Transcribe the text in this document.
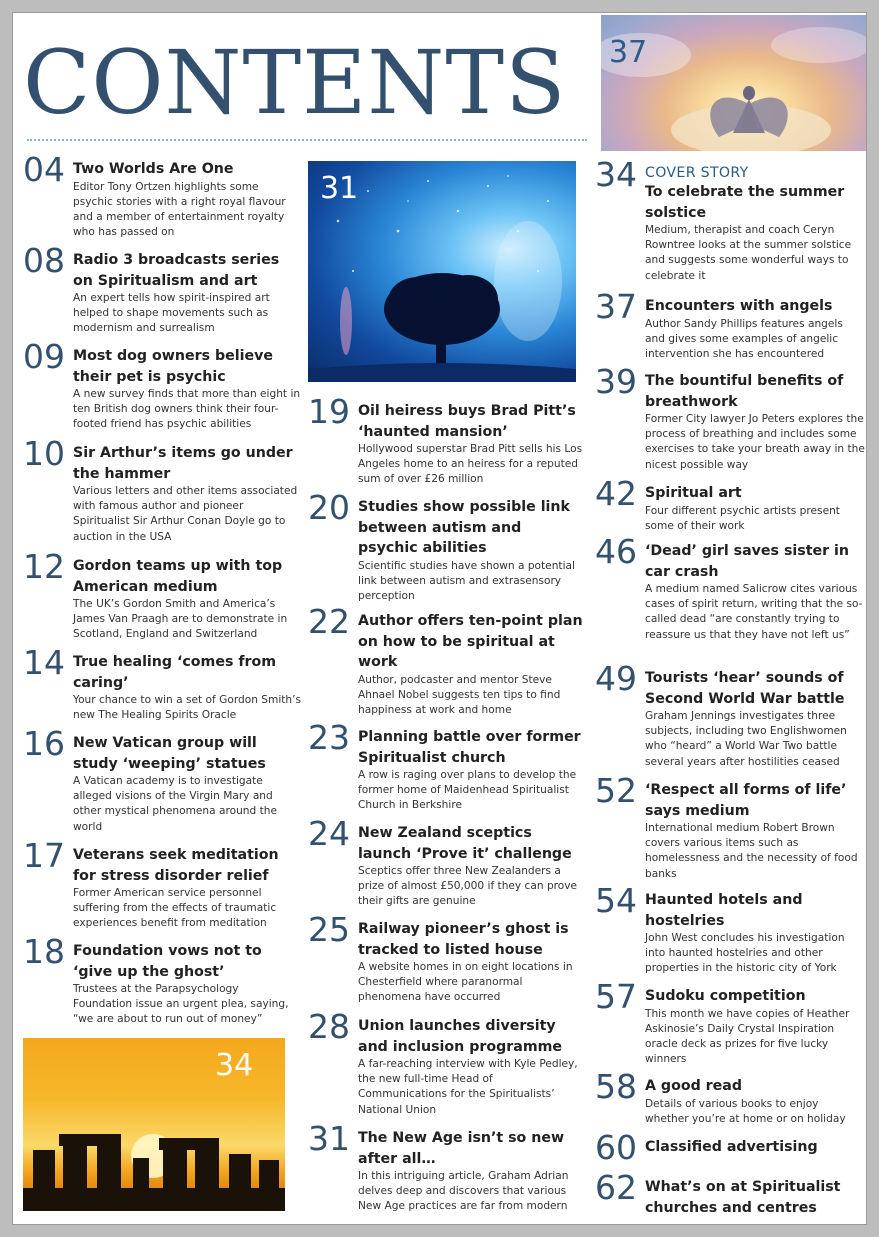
CONTENTS 37
31
34
04 Two Worlds Are One
Editor Tony Ortzen highlights some psychic stories with a right royal flavour and a member of entertainment royalty who has passed on
08 Radio 3 broadcasts series on Spiritualism and art
An expert tells how spirit-inspired art helped to shape movements such as modernism and surrealism
09 Most dog owners believe their pet is psychic
A new survey finds that more than eight in ten British dog owners think their four-footed friend has psychic abilities
10 Sir Arthur’s items go under the hammer
Various letters and other items associated with famous author and pioneer Spiritualist Sir Arthur Conan Doyle go to auction in the USA
12 Gordon teams up with top American medium
The UK’s Gordon Smith and America’s James Van Praagh are to demonstrate in Scotland, England and Switzerland
14 True healing ‘comes from caring’
Your chance to win a set of Gordon Smith’s new The Healing Spirits Oracle
16 New Vatican group will study ‘weeping’ statues
A Vatican academy is to investigate alleged visions of the Virgin Mary and other mystical phenomena around the world
17 Veterans seek meditation for stress disorder relief
Former American service personnel suffering from the effects of traumatic experiences benefit from meditation
18 Foundation vows not to ‘give up the ghost’
Trustees at the Parapsychology Foundation issue an urgent plea, saying, “we are about to run out of money”
19 Oil heiress buys Brad Pitt’s ‘haunted mansion’
Hollywood superstar Brad Pitt sells his Los Angeles home to an heiress for a reputed sum of over £26 million
20 Studies show possible link between autism and psychic abilities
Scientific studies have shown a potential link between autism and extrasensory perception
22 Author offers ten-point plan on how to be spiritual at work
Author, podcaster and mentor Steve Ahnael Nobel suggests ten tips to find happiness at work and home
23 Planning battle over former Spiritualist church
A row is raging over plans to develop the former home of Maidenhead Spiritualist Church in Berkshire
24 New Zealand sceptics launch ‘Prove it’ challenge
Sceptics offer three New Zealanders a prize of almost £50,000 if they can prove their gifts are genuine
25 Railway pioneer’s ghost is tracked to listed house
A website homes in on eight locations in Chesterfield where paranormal phenomena have occurred
28 Union launches diversity and inclusion programme
A far-reaching interview with Kyle Pedley, the new full-time Head of Communications for the Spiritualists’ National Union
31 The New Age isn’t so new after all…
In this intriguing article, Graham Adrian delves deep and discovers that various New Age practices are far from modern
34 COVER STORY
To celebrate the summer solstice
Medium, therapist and coach Ceryn Rowntree looks at the summer solstice and suggests some wonderful ways to celebrate it
37 Encounters with angels
Author Sandy Phillips features angels and gives some examples of angelic intervention she has encountered
39 The bountiful benefits of breathwork
Former City lawyer Jo Peters explores the process of breathing and includes some exercises to take your breath away in the nicest possible way
42 Spiritual art
Four different psychic artists present some of their work
46 ‘Dead’ girl saves sister in car crash
A medium named Salicrow cites various cases of spirit return, writing that the so-called dead “are constantly trying to reassure us that they have not left us”
49 Tourists ‘hear’ sounds of Second World War battle
Graham Jennings investigates three subjects, including two Englishwomen who “heard” a World War Two battle several years after hostilities ceased
52 ‘Respect all forms of life’ says medium
International medium Robert Brown covers various items such as homelessness and the necessity of food banks
54 Haunted hotels and hostelries
John West concludes his investigation into haunted hostelries and other properties in the historic city of York
57 Sudoku competition
This month we have copies of Heather Askinosie’s Daily Crystal Inspiration oracle deck as prizes for five lucky winners
58 A good read
Details of various books to enjoy whether you’re at home or on holiday
60 Classified advertising
62 What’s on at Spiritualist churches and centres
